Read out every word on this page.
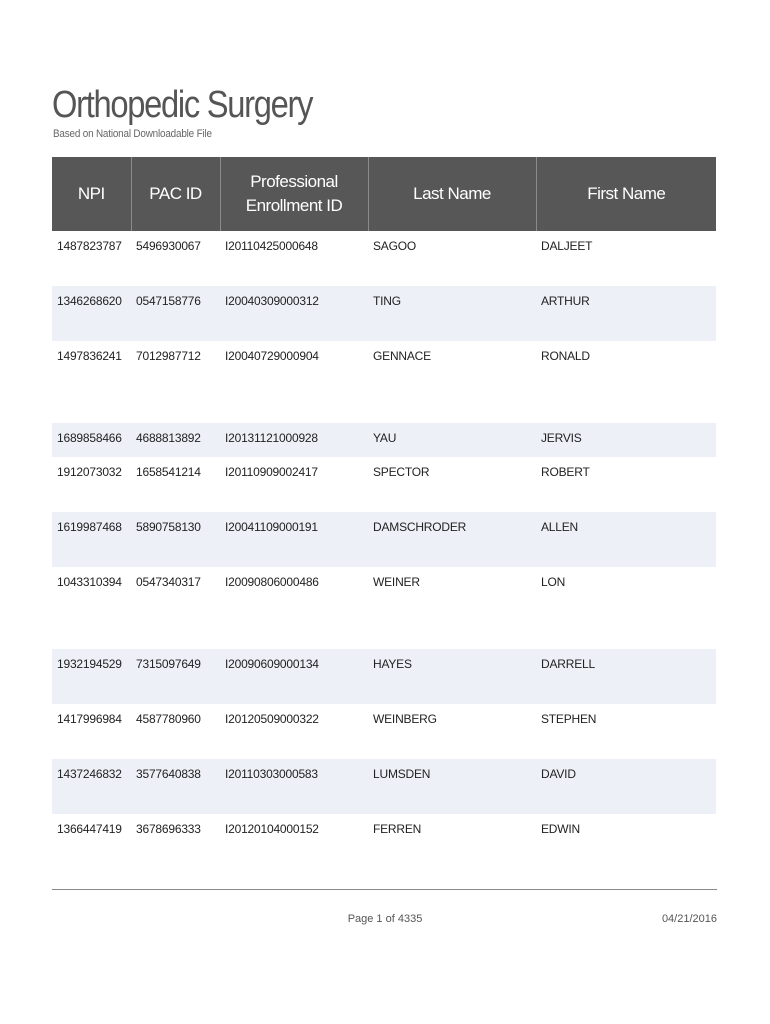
Orthopedic Surgery
Based on National Downloadable File
NPI	PAC ID	Professional Enrollment ID	Last Name	First Name
1487823787	5496930067	I20110425000648	SAGOO	DALJEET
1346268620	0547158776	I20040309000312	TING	ARTHUR
1497836241	7012987712	I20040729000904	GENNACE	RONALD
1689858466	4688813892	I20131121000928	YAU	JERVIS
1912073032	1658541214	I20110909002417	SPECTOR	ROBERT
1619987468	5890758130	I20041109000191	DAMSCHRODER	ALLEN
1043310394	0547340317	I20090806000486	WEINER	LON
1932194529	7315097649	I20090609000134	HAYES	DARRELL
1417996984	4587780960	I20120509000322	WEINBERG	STEPHEN
1437246832	3577640838	I20110303000583	LUMSDEN	DAVID
1366447419	3678696333	I20120104000152	FERREN	EDWIN
Page 1 of 4335	04/21/2016
